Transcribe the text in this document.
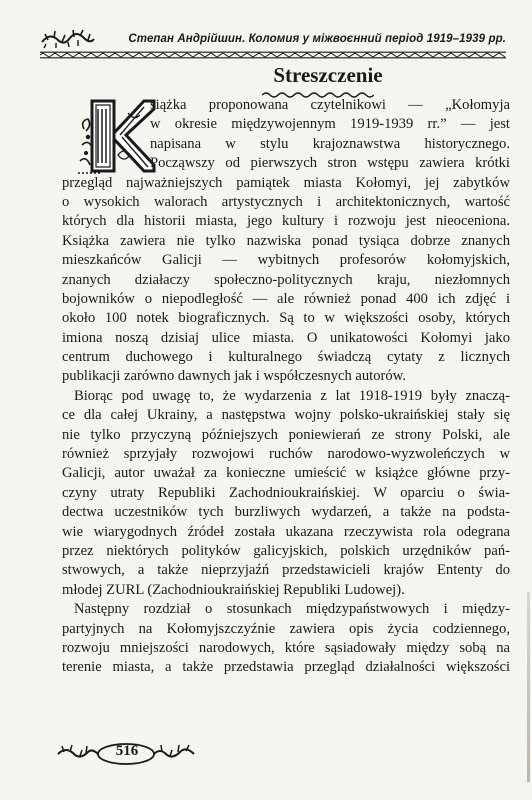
Степан Андрійшин. Коломия у міжвоєнний період 1919–1939 рр.
Streszczenie
siążka proponowana czytelnikowi — „Kołomyja
w okresie międzywojennym 1919-1939 rr.” — jest
napisana w stylu krajoznawstwa historycznego.
Począwszy od pierwszych stron wstępu zawiera krótki
przegląd najważniejszych pamiątek miasta Kołomyi, jej zabytków
o wysokich walorach artystycznych i architektonicznych, wartość
których dla historii miasta, jego kultury i rozwoju jest nieoceniona.
Książka zawiera nie tylko nazwiska ponad tysiąca dobrze znanych
mieszkańców Galicji — wybitnych profesorów kołomyjskich,
znanych działaczy społeczno-politycznych kraju, niezłomnych
bojowników o niepodległość — ale również ponad 400 ich zdjęć i
około 100 notek biograficznych. Są to w większości osoby, których
imiona noszą dzisiaj ulice miasta. O unikatowości Kołomyi jako
centrum duchowego i kulturalnego świadczą cytaty z licznych
publikacji zarówno dawnych jak i współczesnych autorów.
Biorąc pod uwagę to, że wydarzenia z lat 1918-1919 były znaczą-
ce dla całej Ukrainy, a następstwa wojny polsko-ukraińskiej stały się
nie tylko przyczyną późniejszych poniewierań ze strony Polski, ale
również sprzyjały rozwojowi ruchów narodowo-wyzwoleńczych w
Galicji, autor uważał za konieczne umieścić w książce główne przy-
czyny utraty Republiki Zachodnioukraińskiej. W oparciu o świa-
dectwa uczestników tych burzliwych wydarzeń, a także na podsta-
wie wiarygodnych źródeł została ukazana rzeczywista rola odegrana
przez niektórych polityków galicyjskich, polskich urzędników pań-
stwowych, a także nieprzyjaźń przedstawicieli krajów Ententy do
młodej ZURL (Zachodnioukraińskiej Republiki Ludowej).
Następny rozdział o stosunkach międzypaństwowych i między-
partyjnych na Kołomyjszczyźnie zawiera opis życia codziennego,
rozwoju mniejszości narodowych, które sąsiadowały między sobą na
terenie miasta, a także przedstawia przegląd działalności większości
516
